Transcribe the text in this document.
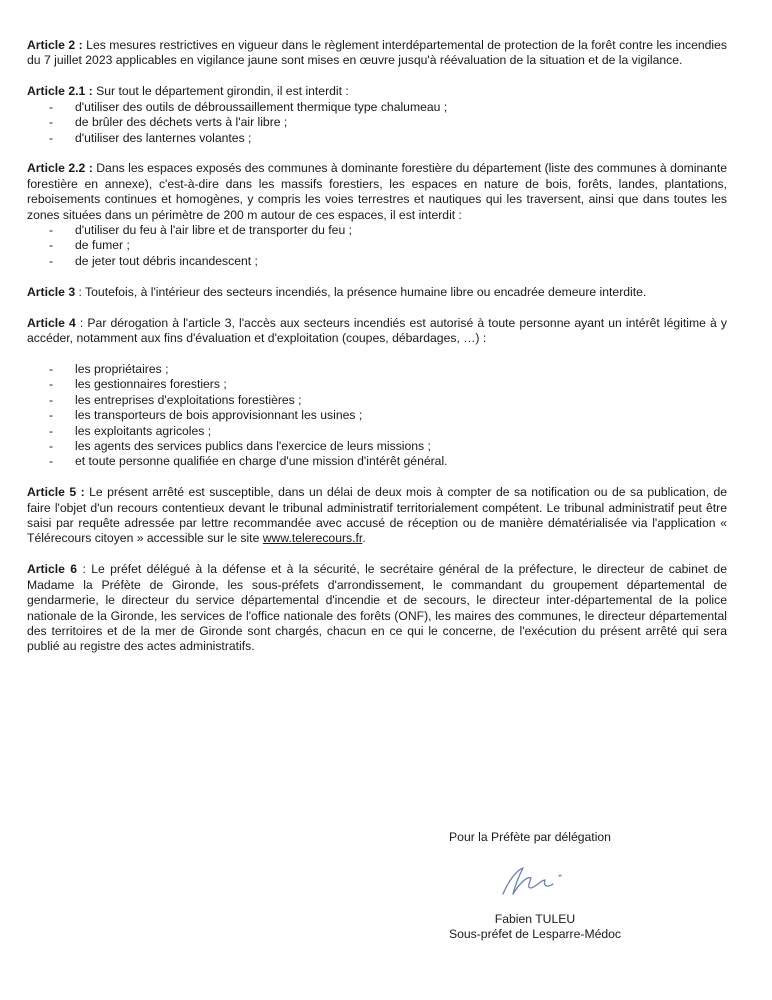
Article 2 : Les mesures restrictives en vigueur dans le règlement interdépartemental de protection de la forêt contre les incendies du 7 juillet 2023 applicables en vigilance jaune sont mises en œuvre jusqu'à réévaluation de la situation et de la vigilance.

Article 2.1 : Sur tout le département girondin, il est interdit :
- d'utiliser des outils de débroussaillement thermique type chalumeau ;
- de brûler des déchets verts à l'air libre ;
- d'utiliser des lanternes volantes ;
Article 2.2 : Dans les espaces exposés des communes à dominante forestière du département (liste des communes à dominante forestière en annexe), c'est-à-dire dans les massifs forestiers, les espaces en nature de bois, forêts, landes, plantations, reboisements continues et homogènes, y compris les voies terrestres et nautiques qui les traversent, ainsi que dans toutes les zones situées dans un périmètre de 200 m autour de ces espaces, il est interdit :
- d'utiliser du feu à l'air libre et de transporter du feu ;
- de fumer ;
- de jeter tout débris incandescent ;

Article 3 : Toutefois, à l'intérieur des secteurs incendiés, la présence humaine libre ou encadrée demeure interdite.

Article 4 : Par dérogation à l'article 3, l'accès aux secteurs incendiés est autorisé à toute personne ayant un intérêt légitime à y accéder, notamment aux fins d'évaluation et d'exploitation (coupes, débardages, …) :
- les propriétaires ;
- les gestionnaires forestiers ;
- les entreprises d'exploitations forestières ;
- les transporteurs de bois approvisionnant les usines ;
- les exploitants agricoles ;
- les agents des services publics dans l'exercice de leurs missions ;
- et toute personne qualifiée en charge d'une mission d'intérêt général.

Article 5 : Le présent arrêté est susceptible, dans un délai de deux mois à compter de sa notification ou de sa publication, de faire l'objet d'un recours contentieux devant le tribunal administratif territorialement compétent. Le tribunal administratif peut être saisi par requête adressée par lettre recommandée avec accusé de réception ou de manière dématérialisée via l'application « Télérecours citoyen » accessible sur le site www.telerecours.fr.

Article 6 : Le préfet délégué à la défense et à la sécurité, le secrétaire général de la préfecture, le directeur de cabinet de Madame la Préfète de Gironde, les sous-préfets d'arrondissement, le commandant du groupement départemental de gendarmerie, le directeur du service départemental d'incendie et de secours, le directeur inter-départemental de la police nationale de la Gironde, les services de l'office nationale des forêts (ONF), les maires des communes, le directeur départemental des territoires et de la mer de Gironde sont chargés, chacun en ce qui le concerne, de l'exécution du présent arrêté qui sera publié au registre des actes administratifs.

Pour la Préfète par délégation
Fabien TULEU
Sous-préfet de Lesparre-Médoc
